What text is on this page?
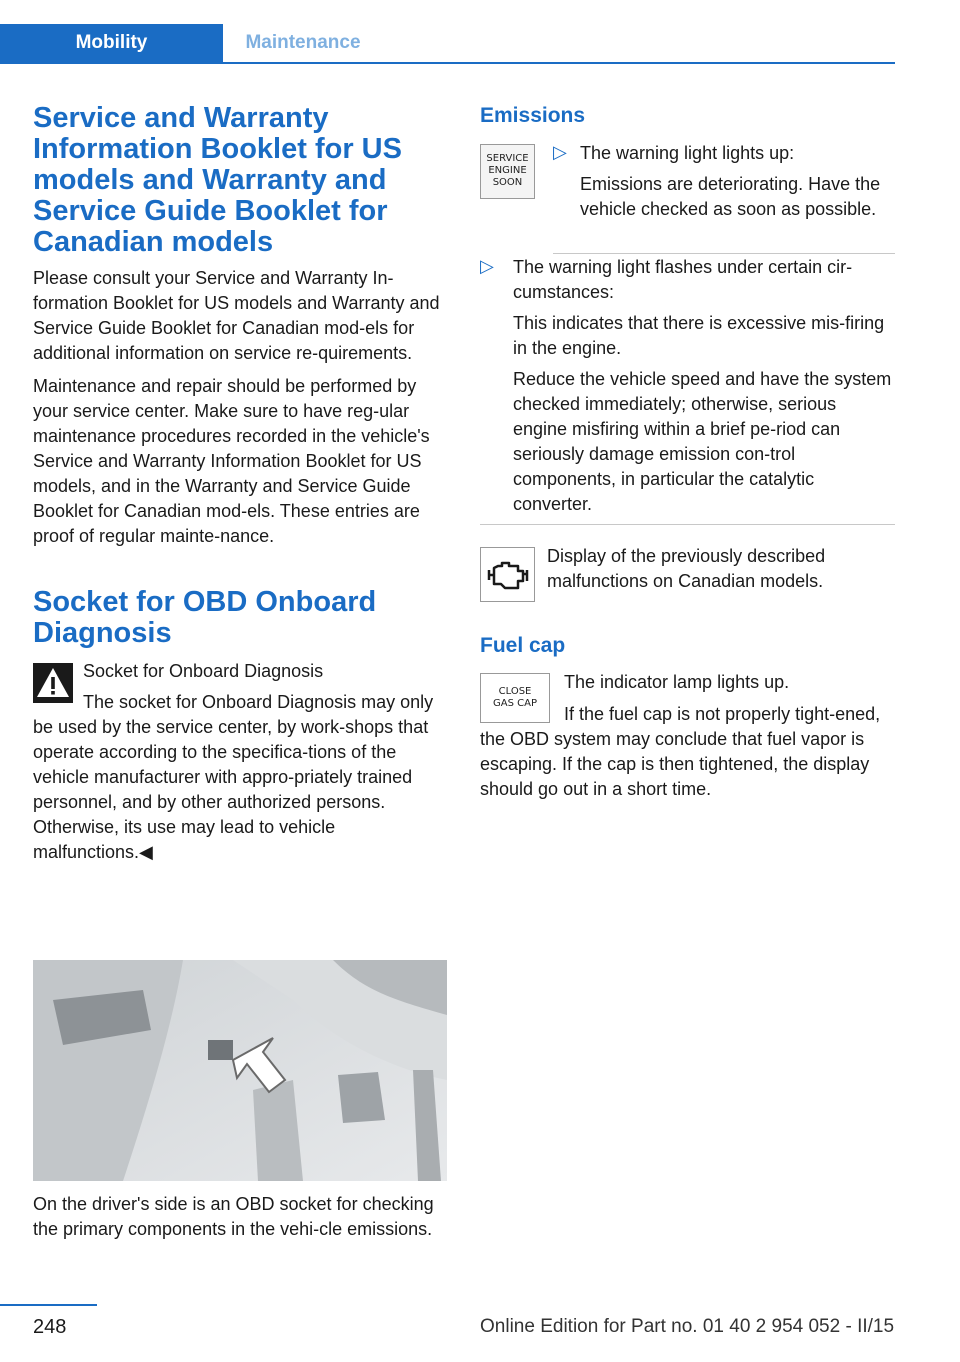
Mobility	Maintenance
Service and Warranty Information Booklet for US models and Warranty and Service Guide Booklet for Canadian models

Please consult your Service and Warranty In-formation Booklet for US models and Warranty and Service Guide Booklet for Canadian mod-els for additional information on service re-quirements.

Maintenance and repair should be performed by your service center. Make sure to have reg-ular maintenance procedures recorded in the vehicle's Service and Warranty Information Booklet for US models, and in the Warranty and Service Guide Booklet for Canadian mod-els. These entries are proof of regular mainte-nance.

Socket for OBD Onboard Diagnosis

Socket for Onboard Diagnosis

The socket for Onboard Diagnosis may only be used by the service center, by work-shops that operate according to the specifica-tions of the vehicle manufacturer with appro-priately trained personnel, and by other authorized persons. Otherwise, its use may lead to vehicle malfunctions.◀

On the driver's side is an OBD socket for checking the primary components in the vehi-cle emissions.

Emissions
SERVICE
ENGINE
SOON
▷ The warning light lights up:

Emissions are deteriorating. Have the vehicle checked as soon as possible.

▷ The warning light flashes under certain cir-cumstances:

This indicates that there is excessive mis-firing in the engine.

Reduce the vehicle speed and have the system checked immediately; otherwise, serious engine misfiring within a brief pe-riod can seriously damage emission con-trol components, in particular the catalytic converter.

Display of the previously described malfunctions on Canadian models.

Fuel cap
CLOSE
GAS CAP

The indicator lamp lights up.

If the fuel cap is not properly tight-ened, the OBD system may conclude that fuel vapor is escaping. If the cap is then tightened, the display should go out in a short time.

248	Online Edition for Part no. 01 40 2 954 052 - II/15
